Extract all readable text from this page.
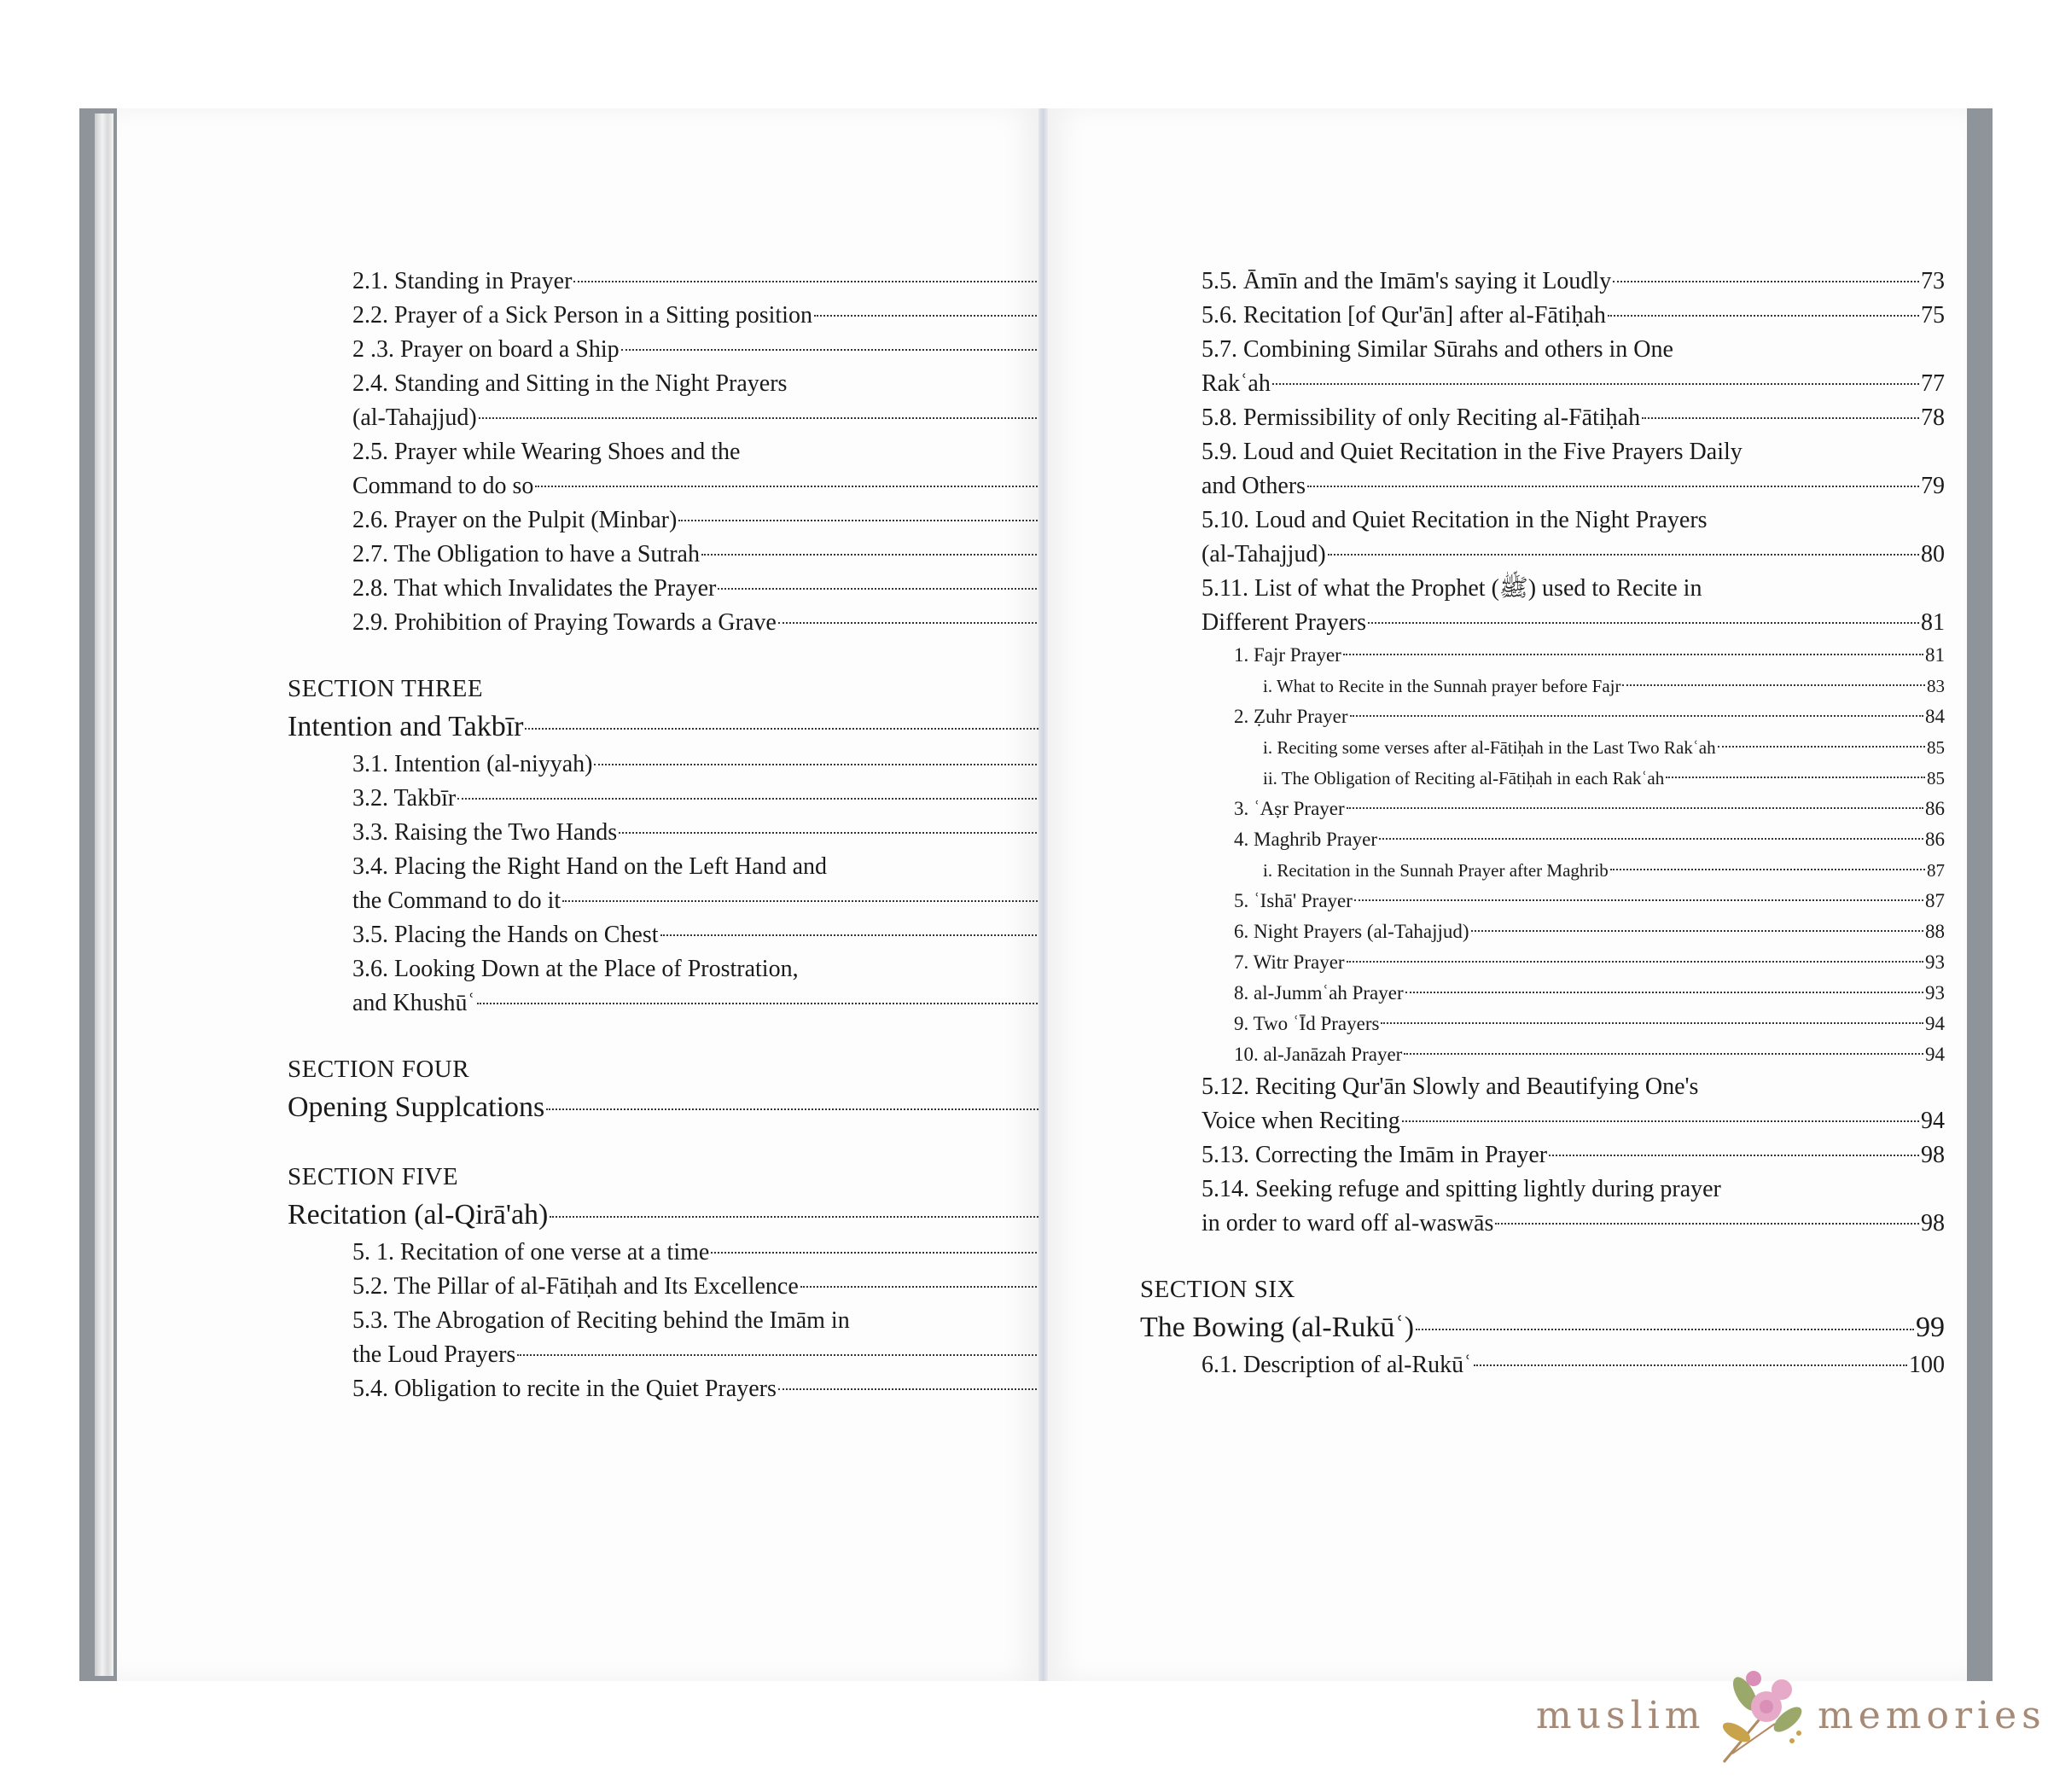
2.1. Standing in Prayer
2.2. Prayer of a Sick Person in a Sitting position
2 .3. Prayer on board a Ship
2.4. Standing and Sitting in the Night Prayers
(al-Tahajjud)
2.5. Prayer while Wearing Shoes and the
Command to do so
2.6. Prayer on the Pulpit (Minbar)
2.7. The Obligation to have a Sutrah
2.8. That which Invalidates the Prayer
2.9. Prohibition of Praying Towards a Grave
SECTION THREE
Intention and Takbīr
3.1. Intention (al-niyyah)
3.2. Takbīr
3.3. Raising the Two Hands
3.4. Placing the Right Hand on the Left Hand and
the Command to do it
3.5. Placing the Hands on Chest
3.6. Looking Down at the Place of Prostration,
and Khushūʿ
SECTION FOUR
Opening Supplcations
SECTION FIVE
Recitation (al-Qirā'ah)
5. 1. Recitation of one verse at a time
5.2. The Pillar of al-Fātiḥah and Its Excellence
5.3. The Abrogation of Reciting behind the Imām in
the Loud Prayers
5.4. Obligation to recite in the Quiet Prayers
5.5. Āmīn and the Imām's saying it Loudly	73
5.6. Recitation [of Qur'ān] after al-Fātiḥah	75
5.7. Combining Similar Sūrahs and others in One
Rakʿah	77
5.8. Permissibility of only Reciting al-Fātiḥah	78
5.9. Loud and Quiet Recitation in the Five Prayers Daily
and Others	79
5.10. Loud and Quiet Recitation in the Night Prayers
(al-Tahajjud)	80
5.11. List of what the Prophet (ﷺ) used to Recite in
Different Prayers	81
1. Fajr Prayer	81
i. What to Recite in the Sunnah prayer before Fajr	83
2. Ẓuhr Prayer	84
i. Reciting some verses after al-Fātiḥah in the Last Two Rakʿah	85
ii. The Obligation of Reciting al-Fātiḥah in each Rakʿah	85
3. ʿAṣr Prayer	86
4. Maghrib Prayer	86
i. Recitation in the Sunnah Prayer after Maghrib	87
5. ʿIshā' Prayer	87
6. Night Prayers (al-Tahajjud)	88
7. Witr Prayer	93
8. al-Jummʿah Prayer	93
9. Two ʿĪd Prayers	94
10. al-Janāzah Prayer	94
5.12. Reciting Qur'ān Slowly and Beautifying One's
Voice when Reciting	94
5.13. Correcting the Imām in Prayer	98
5.14. Seeking refuge and spitting lightly during prayer
in order to ward off al-waswās	98
SECTION SIX
The Bowing (al-Rukūʿ)	99
6.1. Description of al-Rukūʿ	100
muslim	memories
